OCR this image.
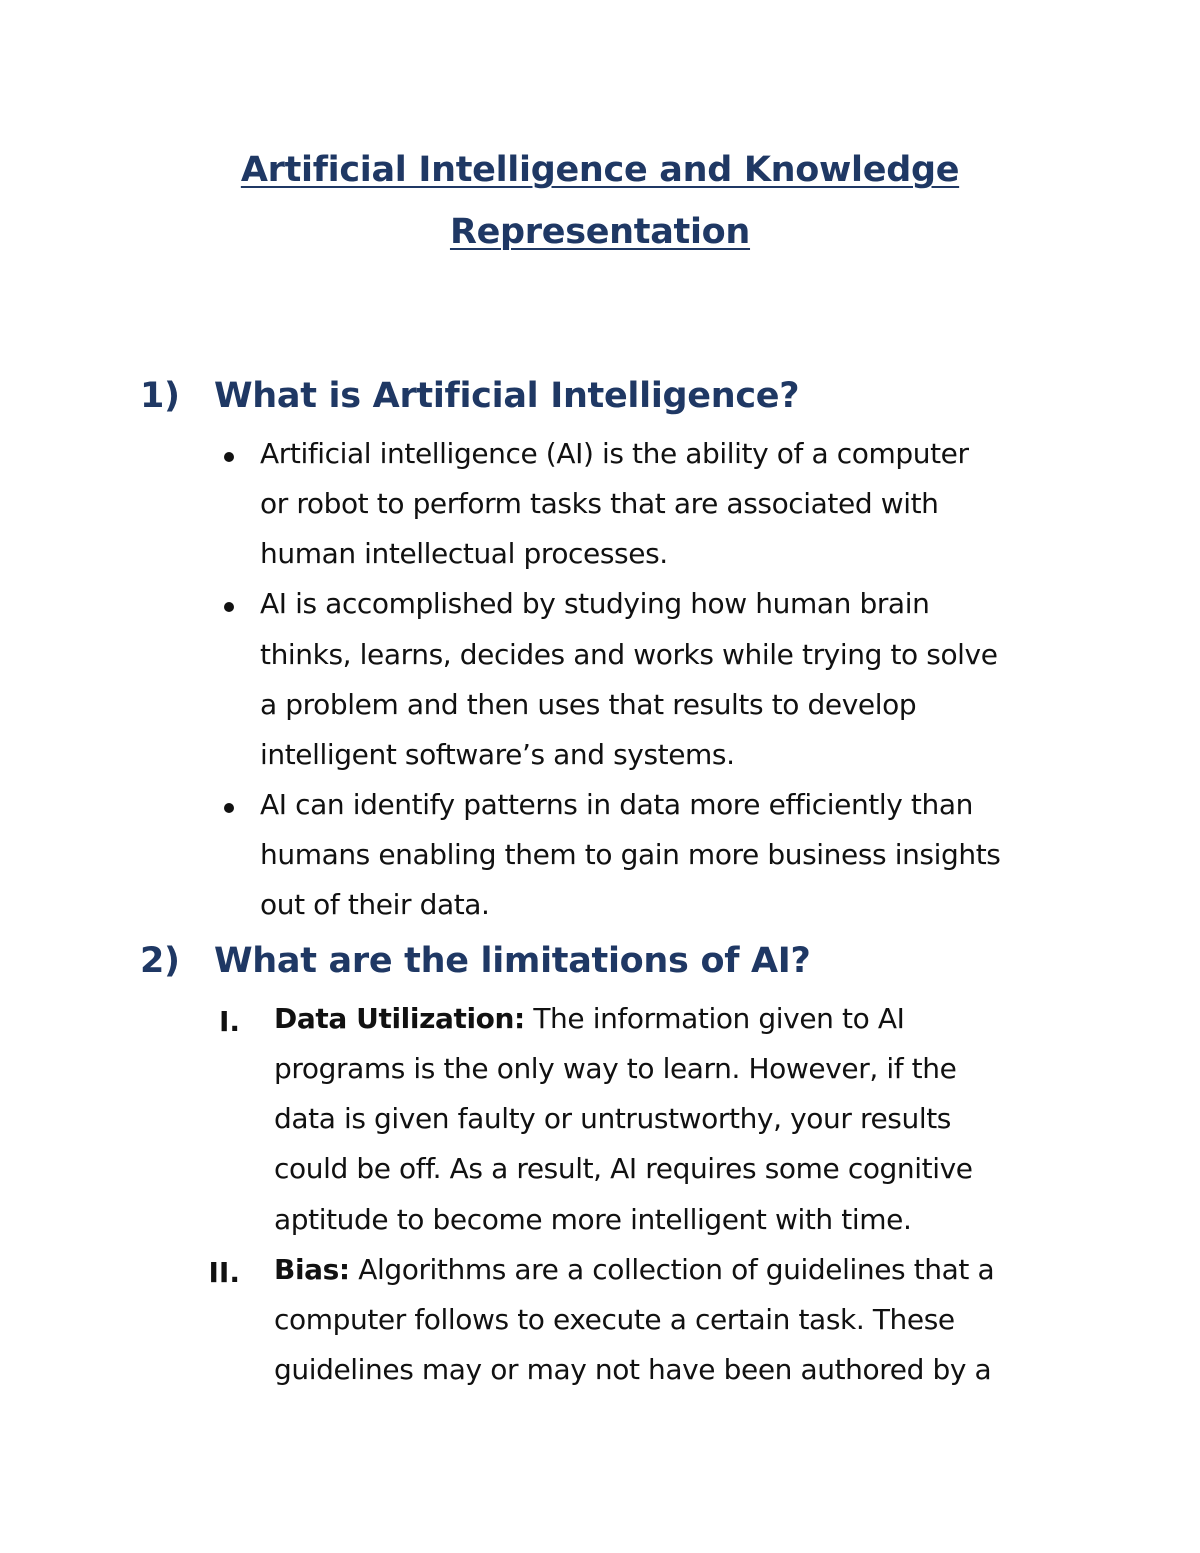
Artificial Intelligence and Knowledge
Representation
1) What is Artificial Intelligence?
Artificial intelligence (AI) is the ability of a computer
or robot to perform tasks that are associated with
human intellectual processes.
AI is accomplished by studying how human brain
thinks, learns, decides and works while trying to solve
a problem and then uses that results to develop
intelligent software’s and systems.
AI can identify patterns in data more efficiently than
humans enabling them to gain more business insights
out of their data.
2) What are the limitations of AI?
I. Data Utilization: The information given to AI
programs is the only way to learn. However, if the
data is given faulty or untrustworthy, your results
could be off. As a result, AI requires some cognitive
aptitude to become more intelligent with time.
II. Bias: Algorithms are a collection of guidelines that a
computer follows to execute a certain task. These
guidelines may or may not have been authored by a
